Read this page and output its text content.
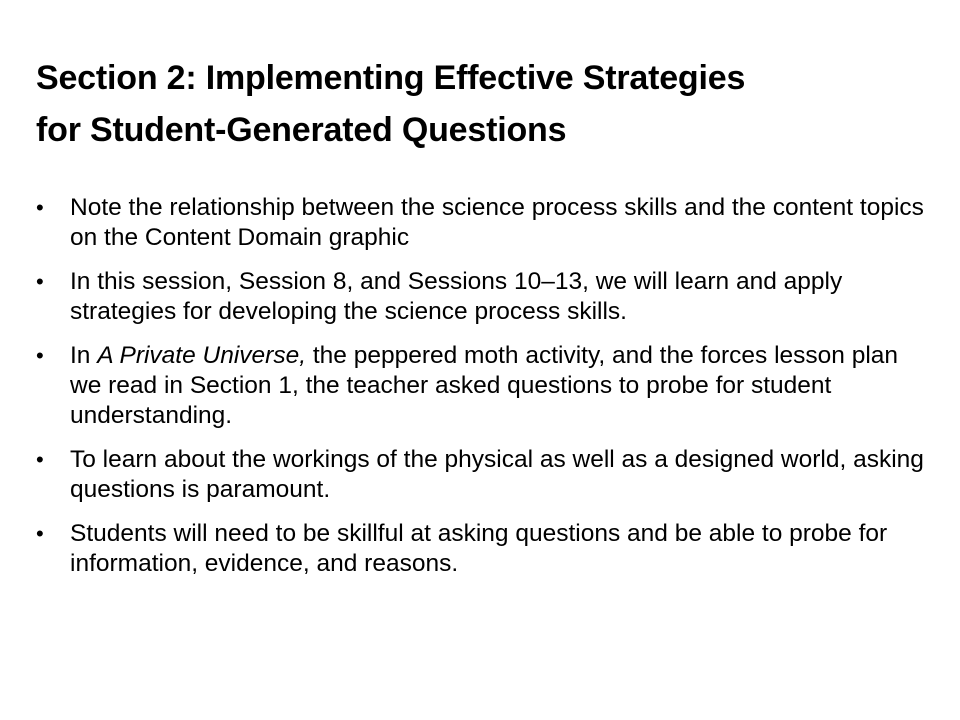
Section 2: Implementing Effective Strategies
for Student-Generated Questions
•	Note the relationship between the science process skills and the content topics on the Content Domain graphic
•	In this session, Session 8, and Sessions 10–13, we will learn and apply strategies for developing the science process skills.
•	In A Private Universe, the peppered moth activity, and the forces lesson plan we read in Section 1, the teacher asked questions to probe for student understanding.
•	To learn about the workings of the physical as well as a designed world, asking questions is paramount.
•	Students will need to be skillful at asking questions and be able to probe for information, evidence, and reasons.
